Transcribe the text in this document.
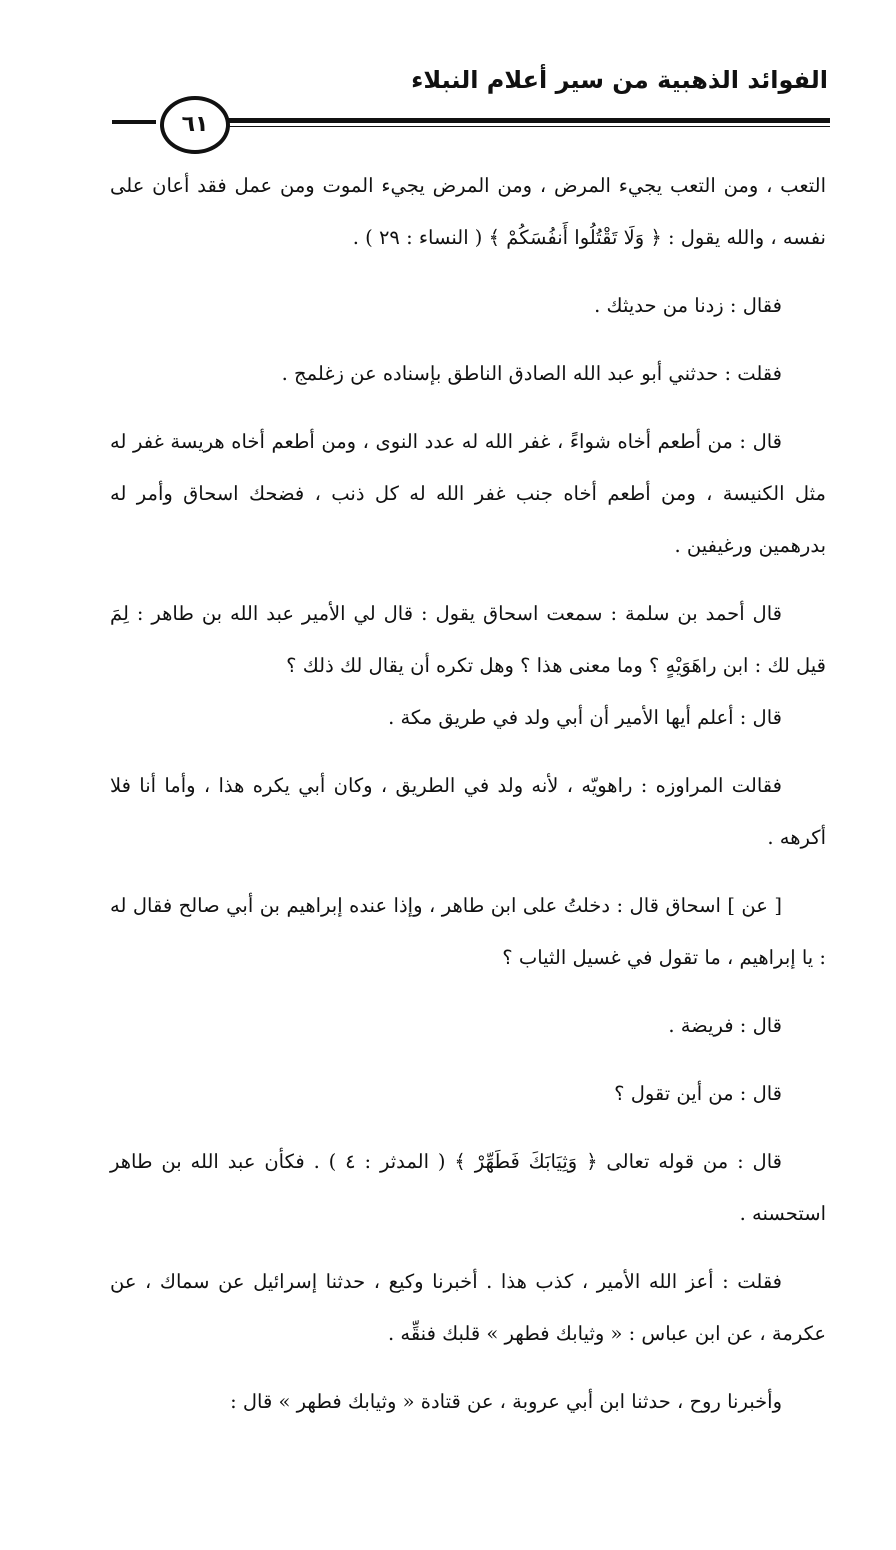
الفوائد الذهبية من سير أعلام النبلاء
٦١

التعب ، ومن التعب يجيء المرض ، ومن المرض يجيء الموت ومن عمل فقد أعان على نفسه ، والله يقول : ﴿ وَلَا تَقْتُلُوا أَنفُسَكُمْ ﴾ ( النساء : ٢٩ ) .

فقال : زدنا من حديثك .

فقلت : حدثني أبو عبد الله الصادق الناطق بإسناده عن زغلمج .

قال : من أطعم أخاه شواءً ، غفر الله له عدد النوى ، ومن أطعم أخاه هريسة غفر له مثل الكنيسة ، ومن أطعم أخاه جنب غفر الله له كل ذنب ، فضحك اسحاق وأمر له بدرهمين ورغيفين .

قال أحمد بن سلمة : سمعت اسحاق يقول : قال لي الأمير عبد الله بن طاهر : لِمَ قيل لك : ابن راهَوَيْهٍ ؟ وما معنى هذا ؟ وهل تكره أن يقال لك ذلك ؟

قال : أعلم أيها الأمير أن أبي ولد في طريق مكة .

فقالت المراوزه : راهويّه ، لأنه ولد في الطريق ، وكان أبي يكره هذا ، وأما أنا فلا أكرهه .

[ عن ] اسحاق قال : دخلتُ على ابن طاهر ، وإذا عنده إبراهيم بن أبي صالح فقال له : يا إبراهيم ، ما تقول في غسيل الثياب ؟

قال : فريضة .

قال : من أين تقول ؟

قال : من قوله تعالى ﴿ وَثِيَابَكَ فَطَهِّرْ ﴾ ( المدثر : ٤ ) . فكأن عبد الله بن طاهر استحسنه .

فقلت : أعز الله الأمير ، كذب هذا . أخبرنا وكيع ، حدثنا إسرائيل عن سماك ، عن عكرمة ، عن ابن عباس : « وثيابك فطهر » قلبك فنقِّه .

وأخبرنا روح ، حدثنا ابن أبي عروبة ، عن قتادة « وثيابك فطهر » قال :
